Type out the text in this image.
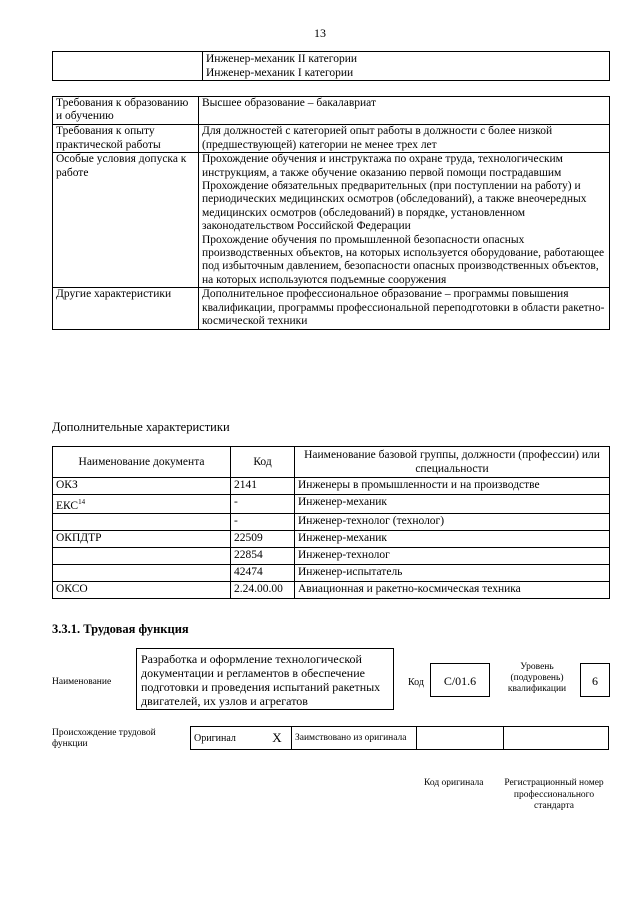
13

Инженер-механик II категории
Инженер-механик I категории
Требования к образованию и обучению	Высшее образование – бакалавриат

Требования к опыту практической работы	Для должностей с категорией опыт работы в должности с более низкой (предшествующей) категории не менее трех лет

Особые условия допуска к работе	Прохождение обучения и инструктажа по охране труда, технологическим инструкциям, а также обучение оказанию первой помощи пострадавшим

Прохождение обязательных предварительных (при поступлении на работу) и периодических медицинских осмотров (обследований), а также внеочередных медицинских осмотров (обследований) в порядке, установленном законодательством Российской Федерации

Прохождение обучения по промышленной безопасности опасных производственных объектов, на которых используется оборудование, работающее под избыточным давлением, безопасности опасных производственных объектов, на которых используются подъемные сооружения

Другие характеристики	Дополнительное профессиональное образование – программы повышения квалификации, программы профессиональной переподготовки в области ракетно-космической техники

Дополнительные характеристики
Наименование документа	Код	Наименование базовой группы, должности (профессии) или специальности
ОКЗ	2141	Инженеры в промышленности и на производстве
ЕКС$^{14}$	-	Инженер-механик
	-	Инженер-технолог (технолог)
ОКПДТР	22509	Инженер-механик
	22854	Инженер-технолог
	42474	Инженер-испытатель
ОКСО	2.24.00.00	Авиационная и ракетно-космическая техника
3.3.1. Трудовая функция
Наименование
Разработка и оформление технологической документации и регламентов в обеспечение подготовки и проведения испытаний ракетных двигателей, их узлов и агрегатов
Код	C/01.6
Уровень (подуровень) квалификации
6
Происхождение трудовой функции
Оригинал	X	Заимствовано из оригинала		
Код оригинала Регистрационный номер профессионального стандарта
